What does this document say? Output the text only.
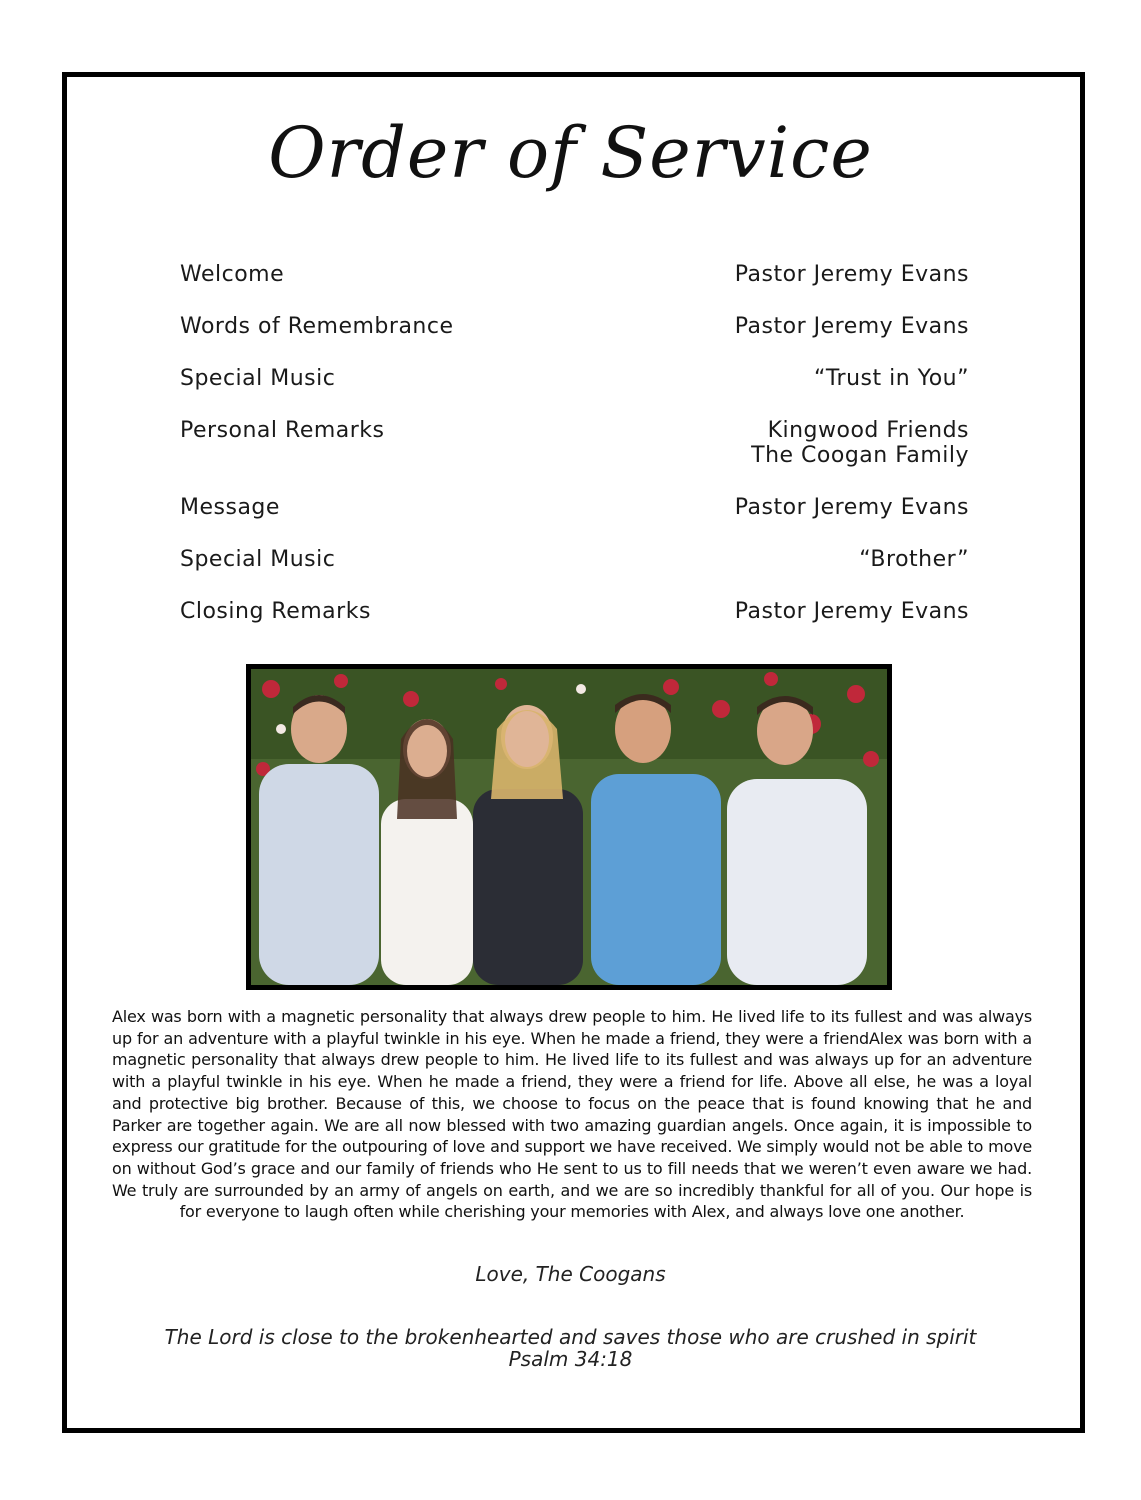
Order of Service
Welcome	Pastor Jeremy Evans
Words of Remembrance	Pastor Jeremy Evans
Special Music	“Trust in You”
Personal Remarks	Kingwood Friends
The Coogan Family
Message	Pastor Jeremy Evans
Special Music	“Brother”
Closing Remarks	Pastor Jeremy Evans
Alex was born with a magnetic personality that always drew people to him. He lived life to its fullest and was always up for an adventure with a playful twinkle in his eye. When he made a friend, they were a friendAlex was born with a magnetic personality that always drew people to him. He lived life to its fullest and was always up for an adventure with a playful twinkle in his eye. When he made a friend, they were a friend for life. Above all else, he was a loyal and protective big brother. Because of this, we choose to focus on the peace that is found knowing that he and Parker are together again. We are all now blessed with two amazing guardian angels. Once again, it is impossible to express our gratitude for the outpouring of love and support we have received. We simply would not be able to move on without God’s grace and our family of friends who He sent to us to fill needs that we weren’t even aware we had. We truly are surrounded by an army of angels on earth, and we are so incredibly thankful for all of you. Our hope is for everyone to laugh often while cherishing your memories with Alex, and always love one another.
Love, The Coogans
The Lord is close to the brokenhearted and saves those who are crushed in spirit
Psalm 34:18
